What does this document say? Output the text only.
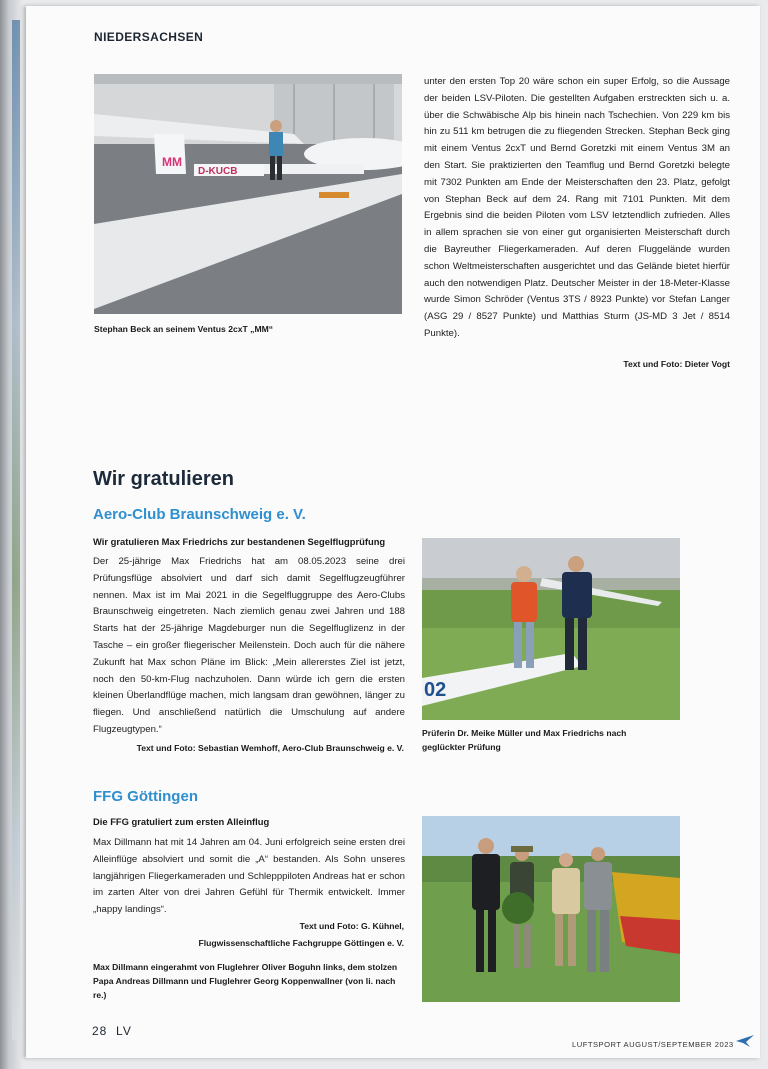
NIEDERSACHSEN
MM
D-KUCB
Stephan Beck an seinem Ventus 2cxT „MM“

unter den ersten Top 20 wäre schon ein super Erfolg, so die Aussage der beiden LSV-Piloten. Die gestellten Aufgaben erstreckten sich u. a. über die Schwäbische Alp bis hinein nach Tschechien. Von 229 km bis hin zu 511 km betrugen die zu fliegenden Strecken. Stephan Beck ging mit einem Ventus 2cxT und Bernd Goretzki mit einem Ventus 3M an den Start. Sie praktizierten den Teamflug und Bernd Goretzki belegte mit 7302 Punkten am Ende der Meisterschaften den 23. Platz, gefolgt von Stephan Beck auf dem 24. Rang mit 7101 Punkten. Mit dem Ergebnis sind die beiden Piloten vom LSV letztendlich zufrieden. Alles in allem sprachen sie von einer gut organisierten Meisterschaft durch die Bayreuther Fliegerkameraden. Auf deren Fluggelände wurden schon Weltmeisterschaften ausgerichtet und das Gelände bietet hierfür auch den notwendigen Platz. Deutscher Meister in der 18-Meter-Klasse wurde Simon Schröder (Ventus 3TS / 8923 Punkte) vor Stefan Langer (ASG 29 / 8527 Punkte) und Matthias Sturm (JS-MD 3 Jet / 8514 Punkte).

Text und Foto: Dieter Vogt
Wir gratulieren
Aero-Club Braunschweig e. V.
Wir gratulieren Max Friedrichs zur bestandenen Segelflugprüfung

Der 25-jährige Max Friedrichs hat am 08.05.2023 seine drei Prüfungsflüge absolviert und darf sich damit Segelflugzeugführer nennen. Max ist im Mai 2021 in die Segelfluggruppe des Aero-Clubs Braunschweig eingetreten. Nach ziemlich genau zwei Jahren und 188 Starts hat der 25-jährige Magdeburger nun die Segelfluglizenz in der Tasche – ein großer fliegerischer Meilenstein. Doch auch für die nähere Zukunft hat Max schon Pläne im Blick: „Mein allererstes Ziel ist jetzt, noch den 50-km-Flug nachzuholen. Dann würde ich gern die ersten kleinen Überlandflüge machen, mich langsam dran gewöhnen, länger zu fliegen. Und anschließend natürlich die Umschulung auf andere Flugzeugtypen.“

Text und Foto: Sebastian Wemhoff, Aero-Club Braunschweig e. V.
02
Prüferin Dr. Meike Müller und Max Friedrichs nach geglückter Prüfung
FFG Göttingen
Die FFG gratuliert zum ersten Alleinflug

Max Dillmann hat mit 14 Jahren am 04. Juni erfolgreich seine ersten drei Alleinflüge absolviert und somit die „A“ bestanden. Als Sohn unseres langjährigen Fliegerkameraden und Schlepppiloten Andreas hat er schon im zarten Alter von drei Jahren Gefühl für Thermik entwickelt. Immer „happy landings“.

Text und Foto: G. Kühnel,
Flugwissenschaftliche Fachgruppe Göttingen e. V.
Max Dillmann eingerahmt von Fluglehrer Oliver Boguhn links, dem stolzen Papa Andreas Dillmann und Fluglehrer Georg Koppenwallner (von li. nach re.)
28 LV
LUFTSPORT AUGUST/SEPTEMBER 2023
